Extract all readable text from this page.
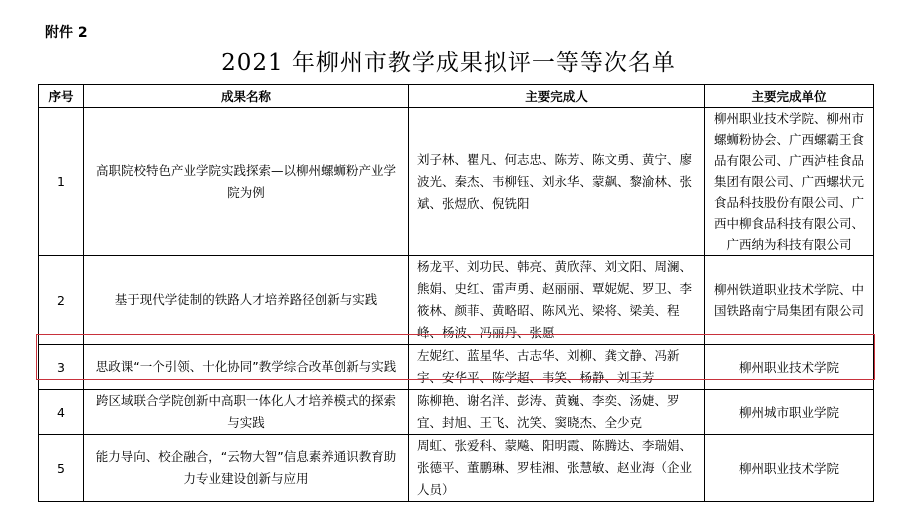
附件 2
2021 年柳州市教学成果拟评一等等次名单
序号	成果名称	主要完成人	主要完成单位
1	高职院校特色产业学院实践探索—以柳州螺蛳粉产业学院为例	刘子林、瞿凡、何志忠、陈芳、陈文勇、黄宁、廖波光、秦杰、韦柳钰、刘永华、蒙飙、黎渝林、张斌、张煜欣、倪铣阳	柳州职业技术学院、柳州市螺蛳粉协会、广西螺霸王食品有限公司、广西泸桂食品集团有限公司、广西螺状元食品科技股份有限公司、广西中柳食品科技有限公司、广西纳为科技有限公司
2	基于现代学徒制的铁路人才培养路径创新与实践	杨龙平、刘功民、韩亮、黄欣萍、刘文阳、周澜、熊娟、史红、雷声勇、赵丽丽、覃妮妮、罗卫、李筱林、颜菲、黄略昭、陈风光、梁将、梁美、程峰、杨波、冯丽丹、张愿	柳州铁道职业技术学院、中国铁路南宁局集团有限公司
3	思政课“一个引领、十化协同”教学综合改革创新与实践	左妮红、蓝星华、古志华、刘柳、龚文静、冯新宇、安华平、陈学超、韦笑、杨静、刘玉芳	柳州职业技术学院
4	跨区域联合学院创新中高职一体化人才培养模式的探索与实践	陈柳艳、谢名洋、彭涛、黄巍、李奕、汤婕、罗宜、封旭、王飞、沈笑、窦晓杰、全少克	柳州城市职业学院
5	能力导向、校企融合，“云物大智”信息素养通识教育助力专业建设创新与应用	周虹、张爱科、蒙飚、阳明霞、陈腾达、李瑞娟、张德平、董鹏琳、罗桂湘、张慧敏、赵业海（企业人员）	柳州职业技术学院
